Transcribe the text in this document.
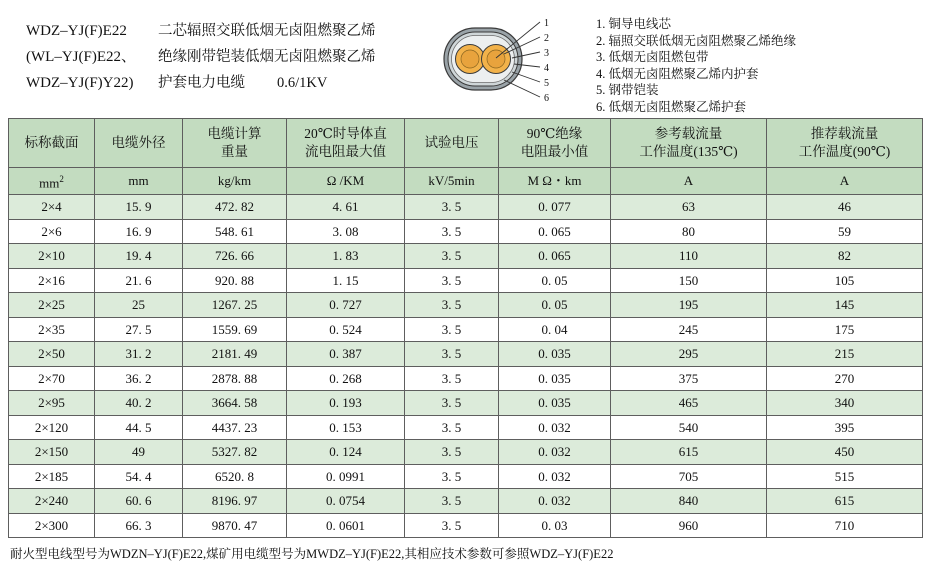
WDZ–YJ(F)E22
(WL–YJ(F)E22、
WDZ–YJ(F)Y22)
二芯辐照交联低烟无卤阻燃聚乙烯
绝缘刚带铠装低烟无卤阻燃聚乙烯
护套电力电缆 0.6/1KV
1
2
3
4
5
6
1. 铜导电线芯
2. 辐照交联低烟无卤阻燃聚乙烯绝缘
3. 低烟无卤阻燃包带
4. 低烟无卤阻燃聚乙烯内护套
5. 钢带铠装
6. 低烟无卤阻燃聚乙烯护套
标称截面	电缆外径

电缆计算
重量

20℃时导体直
流电阻最大值

试验电压

90℃绝缘
电阻最小值

参考载流量
工作温度(135℃)

推荐载流量
工作温度(90℃)

$mm^2$	mm	kg/km	Ω /KM	kV/5min	M Ω・km	A	A
2×4	15. 9	472. 82	4. 61	3. 5	0. 077	63	46
2×6	16. 9	548. 61	3. 08	3. 5	0. 065	80	59
2×10	19. 4	726. 66	1. 83	3. 5	0. 065	110	82
2×16	21. 6	920. 88	1. 15	3. 5	0. 05	150	105
2×25	25	1267. 25	0. 727	3. 5	0. 05	195	145
2×35	27. 5	1559. 69	0. 524	3. 5	0. 04	245	175
2×50	31. 2	2181. 49	0. 387	3. 5	0. 035	295	215
2×70	36. 2	2878. 88	0. 268	3. 5	0. 035	375	270
2×95	40. 2	3664. 58	0. 193	3. 5	0. 035	465	340
2×120	44. 5	4437. 23	0. 153	3. 5	0. 032	540	395
2×150	49	5327. 82	0. 124	3. 5	0. 032	615	450
2×185	54. 4	6520. 8	0. 0991	3. 5	0. 032	705	515
2×240	60. 6	8196. 97	0. 0754	3. 5	0. 032	840	615
2×300	66. 3	9870. 47	0. 0601	3. 5	0. 03	960	710
耐火型电线型号为WDZN–YJ(F)E22,煤矿用电缆型号为MWDZ–YJ(F)E22,其相应技术参数可参照WDZ–YJ(F)E22
